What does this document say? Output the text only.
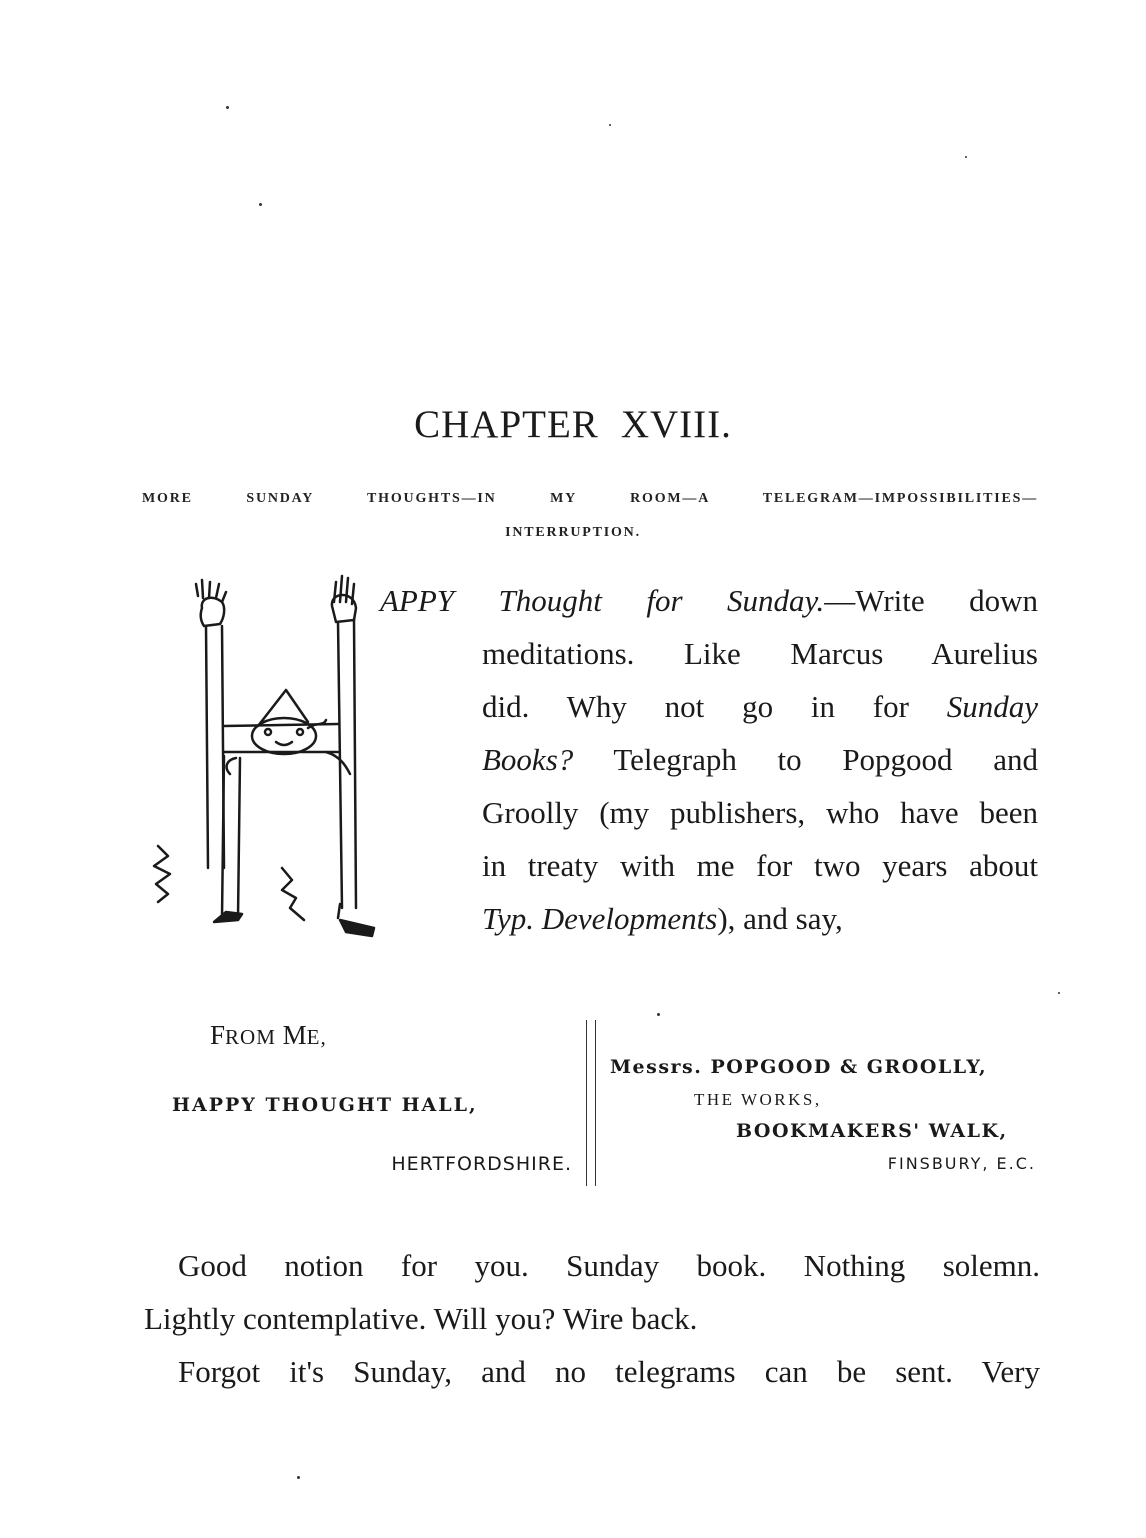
CHAPTER XVIII.
MORE SUNDAY THOUGHTS—IN MY ROOM—A TELEGRAM—IMPOSSIBILITIES—
INTERRUPTION.
APPY Thought for Sunday.—Write down
meditations. Like Marcus Aurelius
did. Why not go in for Sunday
Books? Telegraph to Popgood and
Groolly (my publishers, who have been
in treaty with me for two years about
Typ. Developments), and say,
FROM ME,
HAPPY THOUGHT HALL,
HERTFORDSHIRE.
Messrs. POPGOOD & GROOLLY,
THE WORKS,
BOOKMAKERS' WALK,
FINSBURY, E.C.
Good notion for you. Sunday book. Nothing solemn.
Lightly contemplative. Will you? Wire back.
Forgot it's Sunday, and no telegrams can be sent. Very
